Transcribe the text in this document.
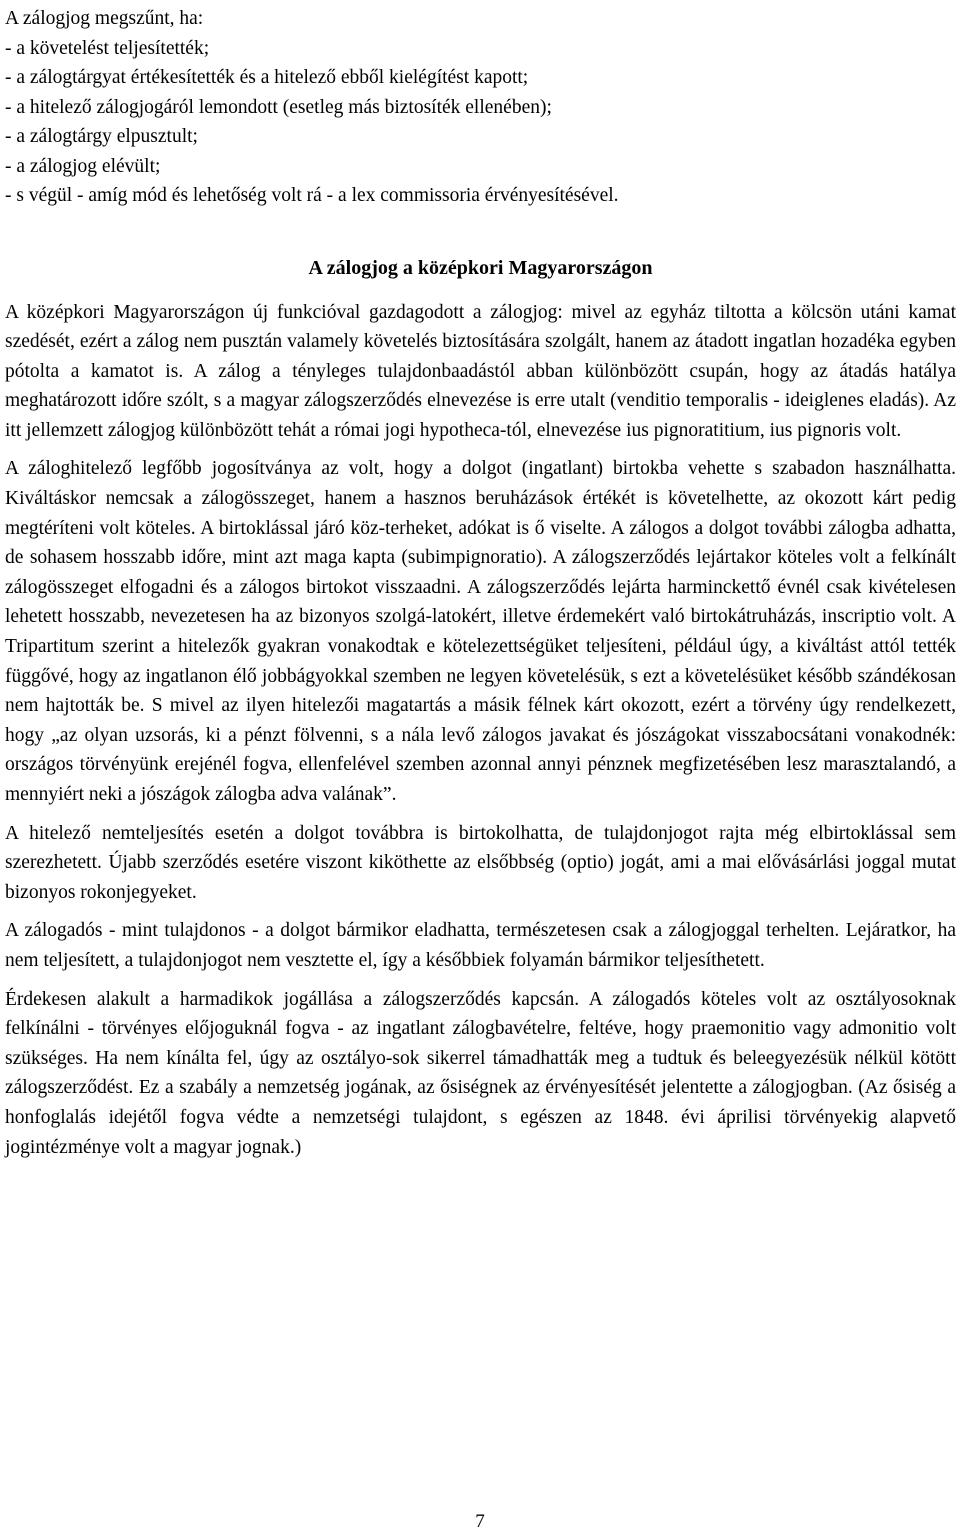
A zálogjog megszűnt, ha:

- a követelést teljesítették;
- a zálogtárgyat értékesítették és a hitelező ebből kielégítést kapott;
- a hitelező zálogjogáról lemondott (esetleg más biztosíték ellenében);
- a zálogtárgy elpusztult;
- a zálogjog elévült;
- s végül - amíg mód és lehetőség volt rá - a lex commissoria érvényesítésével.
A zálogjog a középkori Magyarországon

A középkori Magyarországon új funkcióval gazdagodott a zálogjog: mivel az egyház tiltotta a kölcsön utáni kamat szedését, ezért a zálog nem pusztán valamely követelés biztosítására szolgált, hanem az átadott ingatlan hozadéka egyben pótolta a kamatot is. A zálog a tényleges tulajdonbaadástól abban különbözött csupán, hogy az átadás hatálya meghatározott időre szólt, s a magyar zálogszerződés elnevezése is erre utalt (venditio temporalis - ideiglenes eladás). Az itt jellemzett zálogjog különbözött tehát a római jogi hypotheca-tól, elnevezése ius pignoratitium, ius pignoris volt.

A záloghitelező legfőbb jogosítványa az volt, hogy a dolgot (ingatlant) birtokba vehette s szabadon használhatta. Kiváltáskor nemcsak a zálogösszeget, hanem a hasznos beruházások értékét is követelhette, az okozott kárt pedig megtéríteni volt köteles. A birtoklással járó köz-terheket, adókat is ő viselte. A zálogos a dolgot további zálogba adhatta, de sohasem hosszabb időre, mint azt maga kapta (subimpignoratio). A zálogszerződés lejártakor köteles volt a felkínált zálogösszeget elfogadni és a zálogos birtokot visszaadni. A zálogszerződés lejárta harminckettő évnél csak kivételesen lehetett hosszabb, nevezetesen ha az bizonyos szolgá-latokért, illetve érdemekért való birtokátruházás, inscriptio volt. A Tripartitum szerint a hitelezők gyakran vonakodtak e kötelezettségüket teljesíteni, például úgy, a kiváltást attól tették függővé, hogy az ingatlanon élő jobbágyokkal szemben ne legyen követelésük, s ezt a követelésüket később szándékosan nem hajtották be. S mivel az ilyen hitelezői magatartás a másik félnek kárt okozott, ezért a törvény úgy rendelkezett, hogy „az olyan uzsorás, ki a pénzt fölvenni, s a nála levő zálogos javakat és jószágokat visszabocsátani vonakodnék: országos törvényünk erejénél fogva, ellenfelével szemben azonnal annyi pénznek megfizetésében lesz marasztalandó, a mennyiért neki a jószágok zálogba adva valának”.

A hitelező nemteljesítés esetén a dolgot továbbra is birtokolhatta, de tulajdonjogot rajta még elbirtoklással sem szerezhetett. Újabb szerződés esetére viszont kiköthette az elsőbbség (optio) jogát, ami a mai elővásárlási joggal mutat bizonyos rokonjegyeket.

A zálogadós - mint tulajdonos - a dolgot bármikor eladhatta, természetesen csak a zálogjoggal terhelten. Lejáratkor, ha nem teljesített, a tulajdonjogot nem vesztette el, így a későbbiek folyamán bármikor teljesíthetett.

Érdekesen alakult a harmadikok jogállása a zálogszerződés kapcsán. A zálogadós köteles volt az osztályosoknak felkínálni - törvényes előjoguknál fogva - az ingatlant zálogbavételre, feltéve, hogy praemonitio vagy admonitio volt szükséges. Ha nem kínálta fel, úgy az osztályo-sok sikerrel támadhatták meg a tudtuk és beleegyezésük nélkül kötött zálogszerződést. Ez a szabály a nemzetség jogának, az ősiségnek az érvényesítését jelentette a zálogjogban. (Az ősiség a honfoglalás idejétől fogva védte a nemzetségi tulajdont, s egészen az 1848. évi áprilisi törvényekig alapvető jogintézménye volt a magyar jognak.)

7
